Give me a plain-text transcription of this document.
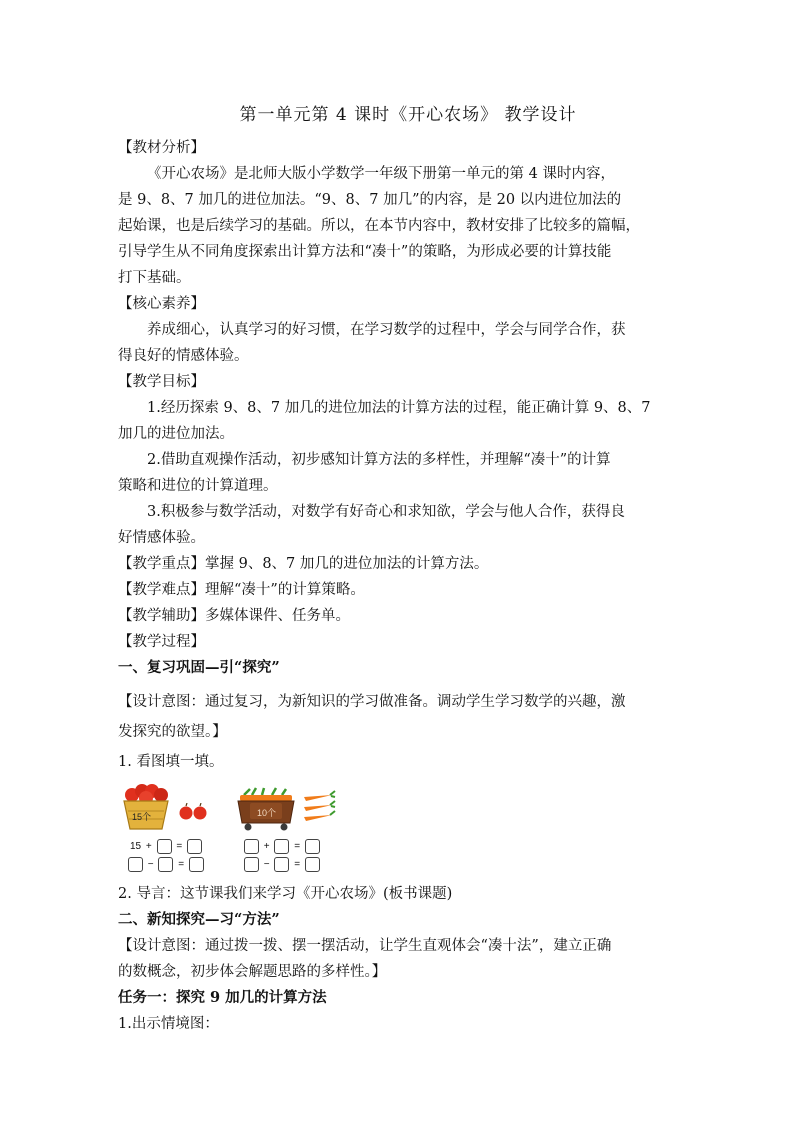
第一单元第 4 课时《开心农场》 教学设计

【教材分析】

《开心农场》是北师大版小学数学一年级下册第一单元的第 4 课时内容，

是 9、8、7 加几的进位加法。“9、8、7 加几”的内容，是 20 以内进位加法的

起始课，也是后续学习的基础。所以，在本节内容中，教材安排了比较多的篇幅，

引导学生从不同角度探索出计算方法和“凑十”的策略，为形成必要的计算技能

打下基础。

【核心素养】

养成细心，认真学习的好习惯，在学习数学的过程中，学会与同学合作，获

得良好的情感体验。

【教学目标】

1.经历探索 9、8、7 加几的进位加法的计算方法的过程，能正确计算 9、8、7

加几的进位加法。

2.借助直观操作活动，初步感知计算方法的多样性，并理解“凑十”的计算

策略和进位的计算道理。

3.积极参与数学活动，对数学有好奇心和求知欲，学会与他人合作，获得良

好情感体验。

【教学重点】掌握 9、8、7 加几的进位加法的计算方法。

【教学难点】理解“凑十”的计算策略。

【教学辅助】多媒体课件、任务单。

【教学过程】

一、复习巩固—引“探究”

【设计意图：通过复习，为新知识的学习做准备。调动学生学习数学的兴趣，激

发探究的欲望。】

1. 看图填一填。

15个	10个
15 + =
− =
+ =
− =

2. 导言：这节课我们来学习《开心农场》(板书课题)

二、新知探究—习“方法”

【设计意图：通过拨一拨、摆一摆活动，让学生直观体会“凑十法”，建立正确

的数概念，初步体会解题思路的多样性。】

任务一：探究 9 加几的计算方法

1.出示情境图：
